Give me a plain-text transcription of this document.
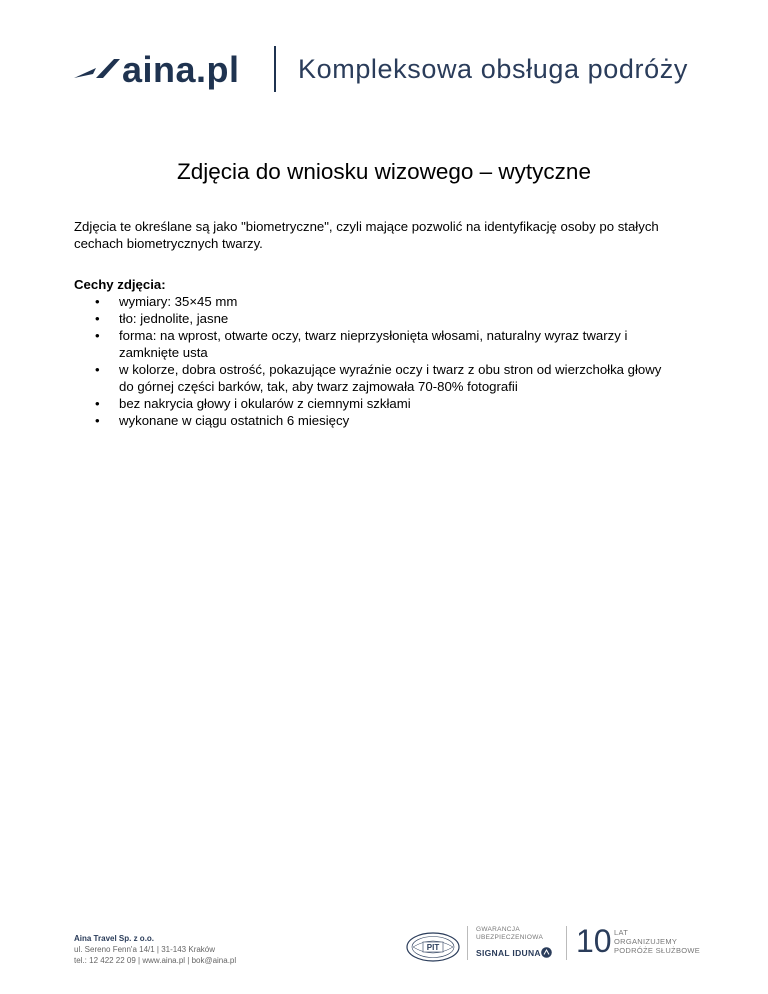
aina.pl Kompleksowa obsługa podróży
Zdjęcia do wniosku wizowego – wytyczne
Zdjęcia te określane są jako "biometryczne", czyli mające pozwolić na identyfikację osoby po stałych cechach biometrycznych twarzy.
Cechy zdjęcia:
• wymiary: 35×45 mm
• tło: jednolite, jasne
• forma: na wprost, otwarte oczy, twarz nieprzysłonięta włosami, naturalny wyraz twarzy i zamknięte usta
• w kolorze, dobra ostrość, pokazujące wyraźnie oczy i twarz z obu stron od wierzchołka głowy do górnej części barków, tak, aby twarz zajmowała 70-80% fotografii
• bez nakrycia głowy i okularów z ciemnymi szkłami
• wykonane w ciągu ostatnich 6 miesięcy
Aina Travel Sp. z o.o.
ul. Sereno Fenn'a 14/1 | 31-143 Kraków
tel.: 12 422 22 09 | www.aina.pl | bok@aina.pl
PIT
GWARANCJA
UBEZPIECZENIOWA
SIGNAL IDUNA 10 LAT
ORGANIZUJEMY
PODRÓŻE SŁUŻBOWE
